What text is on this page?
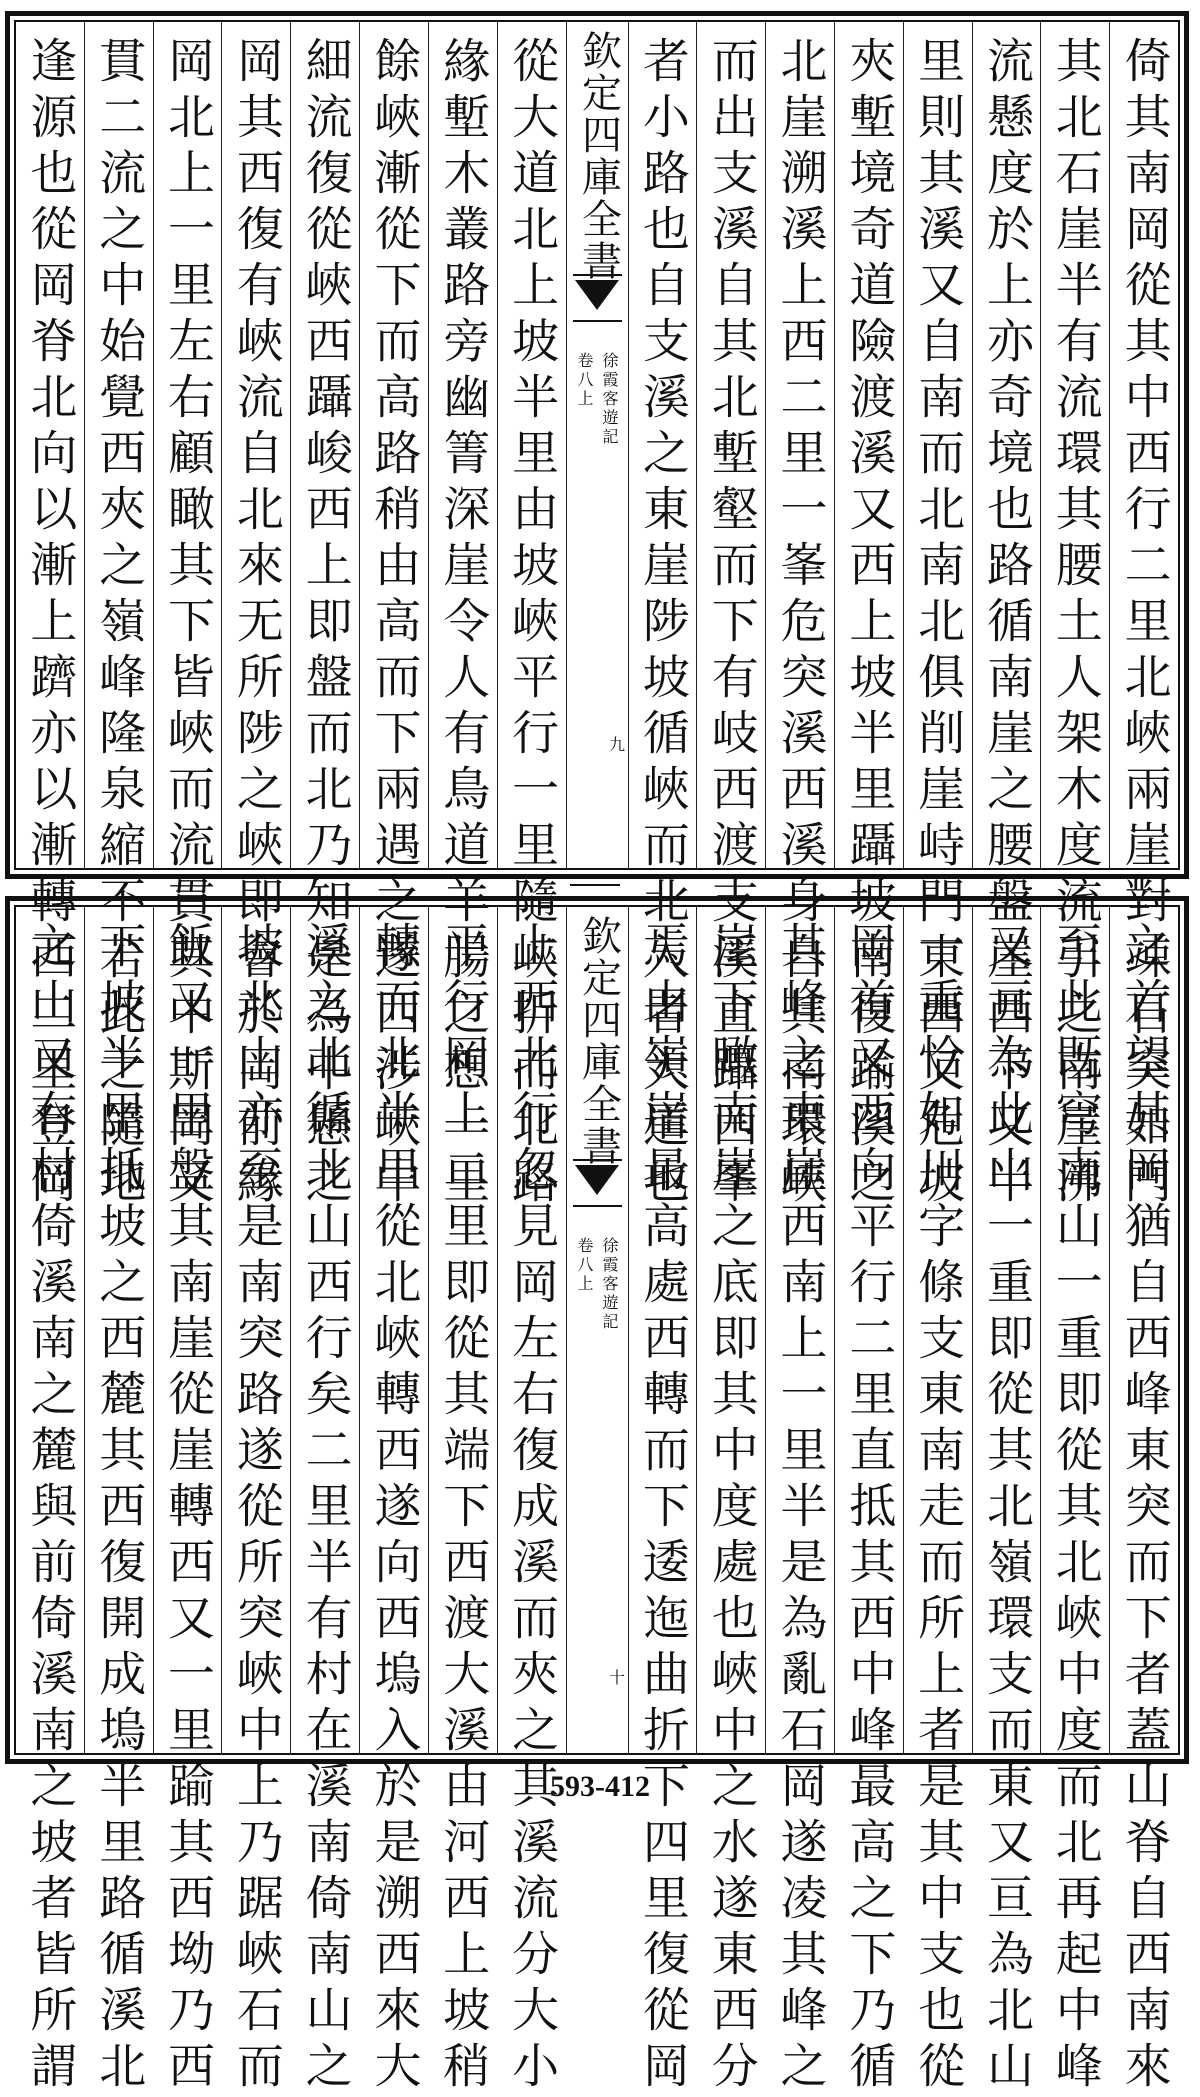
倚其南岡從其中西行二里北峽兩崖對竦石突如門
其北石崖半有流環其腰土人架木度流引之南崖沸
流懸度於上亦奇境也路循南崖之腰盤崖西下又半
里則其溪又自南而北南北俱削崖峙門東西又危坡
夾塹境奇道險渡溪又西上坡半里躡坡南復踰溪之
北崖溯溪上西二里一峯危突溪西溪身自其南環峽
而出支溪自其北塹壑而下有岐西渡支溪直躡西峯
者小路也自支溪之東崖陟坡循峽而北入者大道也
欽定四庫全書
徐霞客遊記
卷八上
九
從大道北上坡半里由坡峽平行一里隨峽折而北路
緣塹木叢路旁幽箐深崖令人有鳥道羊腸之想一里
餘峽漸從下而高路稍由高而下兩遇之遂西涉峽中
細流復從峽西躡峻西上即盤而北乃知是為中懸之
岡其西復有峽流自北來无所陟之峽即會於岡前緣
岡北上一里左右顧瞰其下皆峽而流貫其中斯岡又
貫二流之中始覺西夾之嶺峰隆泉縮不若此之隨地
逢源也從岡脊北向以漸上躋亦以漸轉西二里登岡
之首望其岡猶自西峰東突而下者蓋山脊自西南來
至此既穹南山一重即從其北峽中度而北再起中峰
又亘為此山一重即從其北嶺環支而東又亘為北山
一重恰如川字條支東南走而所上者是其中支也從
岡首又西向平行二里直抵其西中峰最高之下乃循
其峰之東崖西南上一里半是為亂石岡遂凌其峰之
崖下瞰南崖之底即其中度處也峽中之水遂東西分
焉由嶺崖最高處西轉而下逶迤曲折下四里復從岡
欽定四庫全書
徐霞客遊記
卷八上
十
上西北行忽見岡左右復成溪而夾之其溪流分大小
平行岡上二里即從其端下西渡大溪由河西上坡稍
轉而北半里從北峽轉西遂向西塢入於是溯西來大
溪之北循北山西行矣二里半有村在溪南倚南山之
坡北山亦至是南突路遂從所突峽中上乃踞峽石而
飯又一里盤其南崖從崖轉西又一里踰其西坳乃西
下坡半里抵坡之西麓其西復開成塢半里路循溪北
之山又有村倚溪南之麓與前倚溪南之坡者皆所謂	593-412
